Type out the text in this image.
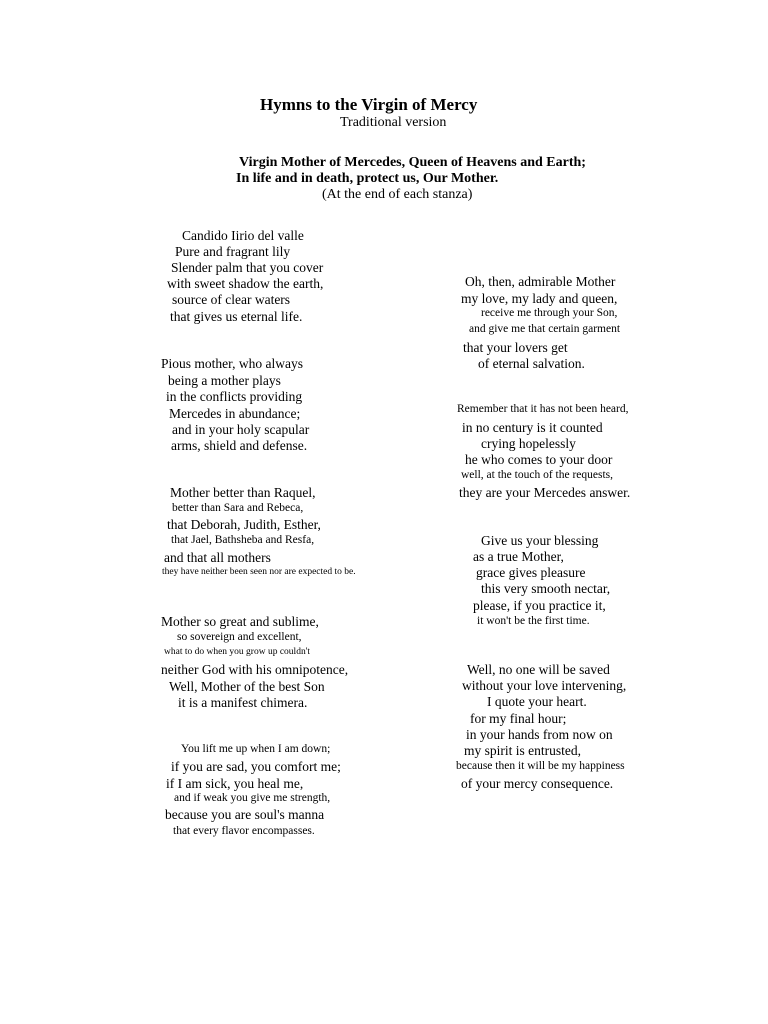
Hymns to the Virgin of Mercy
Traditional version
Virgin Mother of Mercedes, Queen of Heavens and Earth;
In life and in death, protect us, Our Mother.
(At the end of each stanza)
Candido Iirio del valle
Pure and fragrant lily
Slender palm that you cover
with sweet shadow the earth,
source of clear waters
that gives us eternal life.
Pious mother, who always
being a mother plays
in the conflicts providing
Mercedes in abundance;
and in your holy scapular
arms, shield and defense.
Mother better than Raquel,
better than Sara and Rebeca,
that Deborah, Judith, Esther,
that Jael, Bathsheba and Resfa,
and that all mothers
they have neither been seen nor are expected to be.
Mother so great and sublime,
so sovereign and excellent,
what to do when you grow up couldn't
neither God with his omnipotence,
Well, Mother of the best Son
it is a manifest chimera.
You lift me up when I am down;
if you are sad, you comfort me;
if I am sick, you heal me,
and if weak you give me strength,
because you are soul's manna
that every flavor encompasses.
Oh, then, admirable Mother
my love, my lady and queen,
receive me through your Son,
and give me that certain garment
that your lovers get
of eternal salvation.
Remember that it has not been heard,
in no century is it counted
crying hopelessly
he who comes to your door
well, at the touch of the requests,
they are your Mercedes answer.
Give us your blessing
as a true Mother,
grace gives pleasure
this very smooth nectar,
please, if you practice it,
it won't be the first time.
Well, no one will be saved
without your love intervening,
I quote your heart.
for my final hour;
in your hands from now on
my spirit is entrusted,
because then it will be my happiness
of your mercy consequence.
